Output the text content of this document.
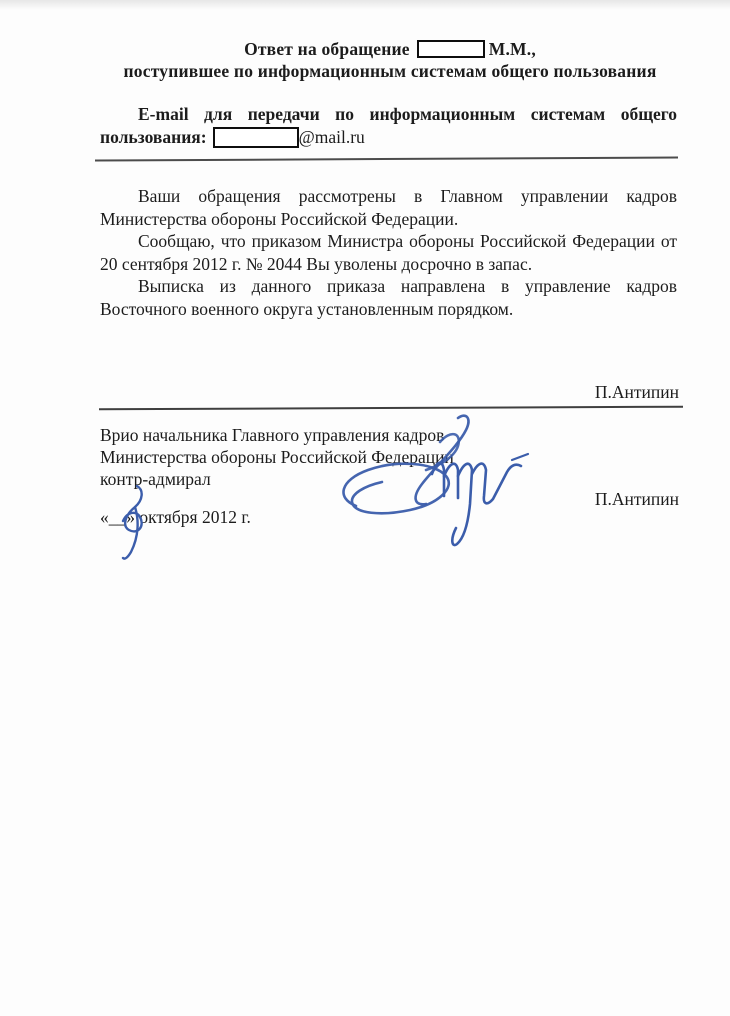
Ответ на обращение	М.М.,
поступившее по информационным системам общего пользования

E-mail для передачи по информационным системам общего пользования:	@mail.ru

Ваши обращения рассмотрены в Главном управлении кадров Министерства обороны Российской Федерации.

Сообщаю, что приказом Министра обороны Российской Федерации от 20 сентября 2012 г. № 2044 Вы уволены досрочно в запас.

Выписка из данного приказа направлена в управление кадров Восточного военного округа установленным порядком.

П.Антипин
Врио начальника Главного управления кадров
Министерства обороны Российской Федерации
контр-адмирал
П.Антипин
«__» октября 2012 г.
